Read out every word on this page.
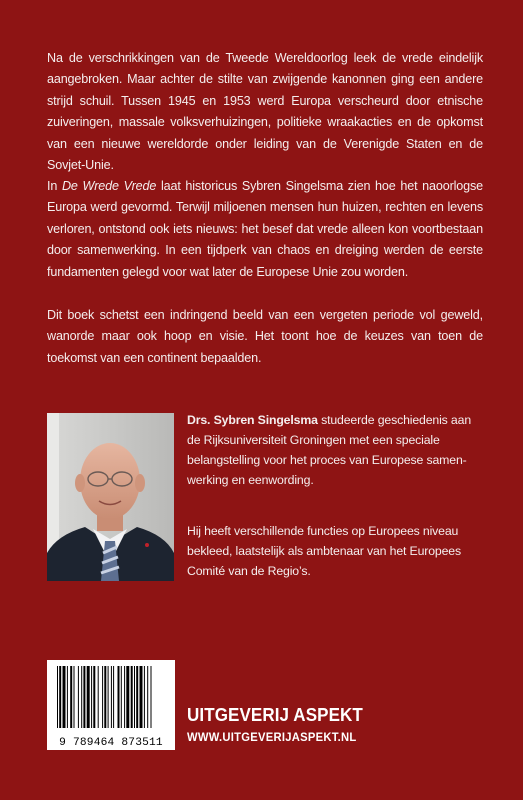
Na de verschrikkingen van de Tweede Wereldoorlog leek de vrede eindelijk aangebroken. Maar achter de stilte van zwijgende kanonnen ging een andere strijd schuil. Tussen 1945 en 1953 werd Europa verscheurd door etnische zuiveringen, massale volksverhuizingen, politieke wraakacties en de opkomst van een nieuwe wereldorde onder leiding van de Verenigde Staten en de Sovjet-Unie.

In De Wrede Vrede laat historicus Sybren Singelsma zien hoe het naoorlogse Europa werd gevormd. Terwijl miljoenen mensen hun huizen, rechten en levens verloren, ontstond ook iets nieuws: het besef dat vrede alleen kon voortbestaan door samenwerking. In een tijdperk van chaos en dreiging werden de eerste fundamenten gelegd voor wat later de Europese Unie zou worden.

Dit boek schetst een indringend beeld van een vergeten periode vol geweld, wanorde maar ook hoop en visie. Het toont hoe de keuzes van toen de toekomst van een continent bepaalden.

Drs. Sybren Singelsma studeerde geschiedenis aan de Rijksuniversiteit Groningen met een speciale belangstelling voor het proces van Europese samenwerking en eenwording.

Hij heeft verschillende functies op Europees niveau bekleed, laatstelijk als ambtenaar van het Europees Comité van de Regio’s.

9 789464 873511
UITGEVERIJ ASPEKT
WWW.UITGEVERIJASPEKT.NL
